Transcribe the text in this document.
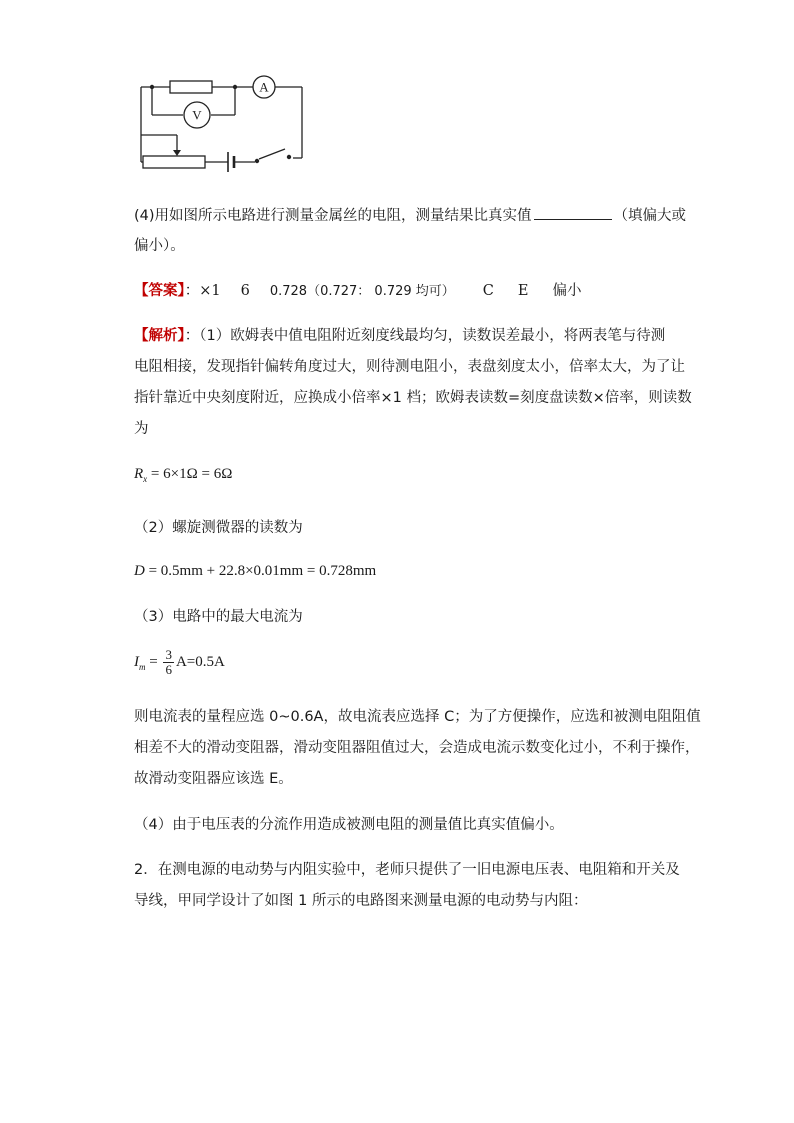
A
V
(4)用如图所示电路进行测量金属丝的电阻，测量结果比真实值	（填偏大或
偏小）。
【答案】：×1 6 0.728（0.727： 0.729 均可） C E 偏小
【解析】：（1）欧姆表中值电阻附近刻度线最均匀，读数误差最小，将两表笔与待测
电阻相接，发现指针偏转角度过大，则待测电阻小，表盘刻度太小，倍率太大，为了让
指针靠近中央刻度附近，应换成小倍率×1 档；欧姆表读数=刻度盘读数×倍率，则读数
为
$R_x = 6\times 1\Omega = 6\Omega$
（2）螺旋测微器的读数为
D = 0.5mm + 22.8×0.01mm = 0.728mm
（3）电路中的最大电流为
$I_m = \frac{3}{6} A=0.5A$
则电流表的量程应选 0~0.6A，故电流表应选择 C；为了方便操作，应选和被测电阻阻值
相差不大的滑动变阻器，滑动变阻器阻值过大，会造成电流示数变化过小，不利于操作，
故滑动变阻器应该选 E。
（4）由于电压表的分流作用造成被测电阻的测量值比真实值偏小。
2．在测电源的电动势与内阻实验中，老师只提供了一旧电源电压表、电阻箱和开关及
导线，甲同学设计了如图 1 所示的电路图来测量电源的电动势与内阻：
